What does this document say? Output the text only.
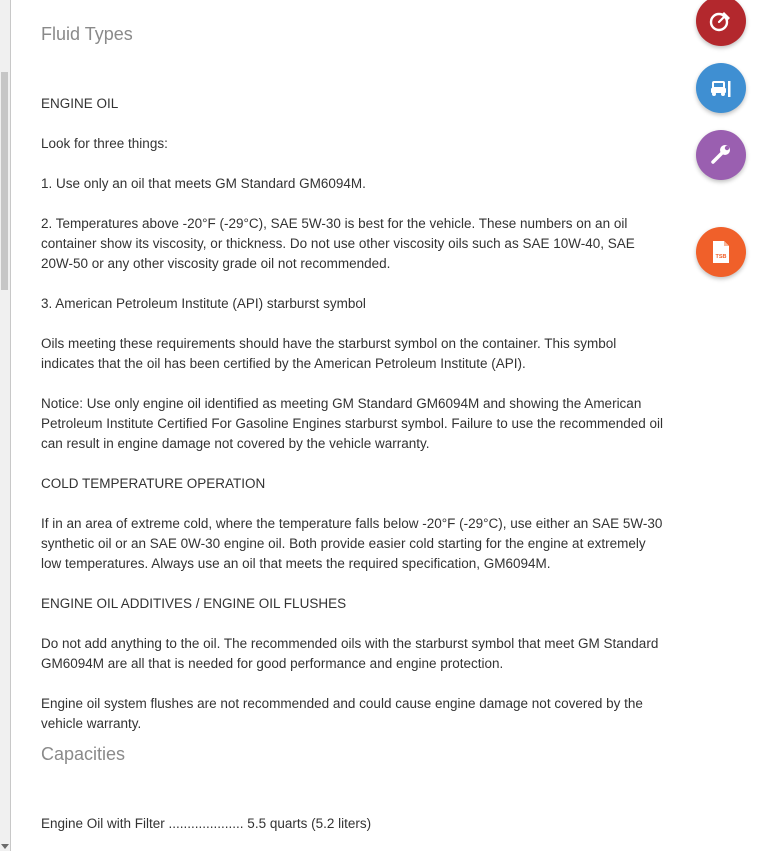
Fluid Types

ENGINE OIL

Look for three things:

1. Use only an oil that meets GM Standard GM6094M.

2. Temperatures above -20°F (-29°C), SAE 5W-30 is best for the vehicle. These numbers on an oil container show its viscosity, or thickness. Do not use other viscosity oils such as SAE 10W-40, SAE 20W-50 or any other viscosity grade oil not recommended.

3. American Petroleum Institute (API) starburst symbol

Oils meeting these requirements should have the starburst symbol on the container. This symbol indicates that the oil has been certified by the American Petroleum Institute (API).

Notice: Use only engine oil identified as meeting GM Standard GM6094M and showing the American Petroleum Institute Certified For Gasoline Engines starburst symbol. Failure to use the recommended oil can result in engine damage not covered by the vehicle warranty.

COLD TEMPERATURE OPERATION

If in an area of extreme cold, where the temperature falls below -20°F (-29°C), use either an SAE 5W-30 synthetic oil or an SAE 0W-30 engine oil. Both provide easier cold starting for the engine at extremely low temperatures. Always use an oil that meets the required specification, GM6094M.

ENGINE OIL ADDITIVES / ENGINE OIL FLUSHES

Do not add anything to the oil. The recommended oils with the starburst symbol that meet GM Standard GM6094M are all that is needed for good performance and engine protection.

Engine oil system flushes are not recommended and could cause engine damage not covered by the vehicle warranty.

Capacities

Engine Oil with Filter .................... 5.5 quarts (5.2 liters)

TSB
